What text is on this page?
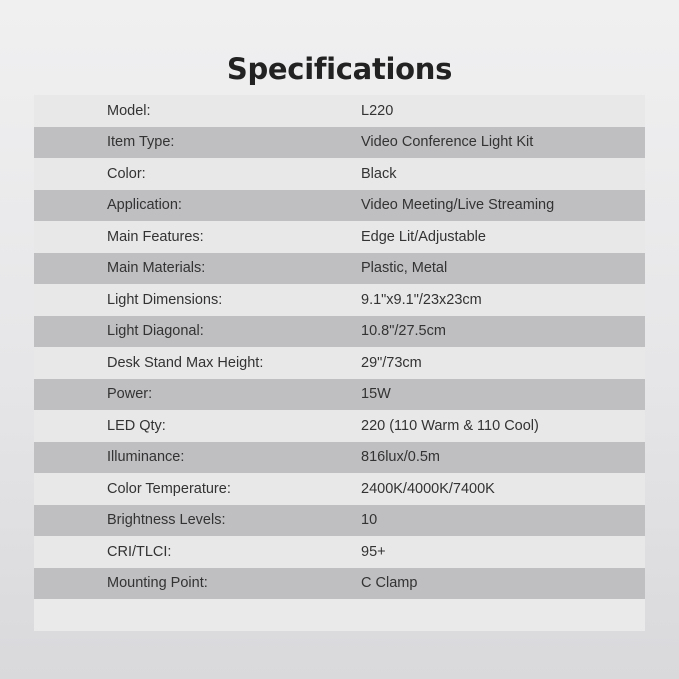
Specifications
Model:	L220
Item Type:	Video Conference Light Kit
Color:	Black
Application:	Video Meeting/Live Streaming
Main Features:	Edge Lit/Adjustable
Main Materials:	Plastic, Metal
Light Dimensions:	9.1"x9.1"/23x23cm
Light Diagonal:	10.8"/27.5cm
Desk Stand Max Height:	29"/73cm
Power:	15W
LED Qty:	220 (110 Warm & 110 Cool)
Illuminance:	816lux/0.5m
Color Temperature:	2400K/4000K/7400K
Brightness Levels:	10
CRI/TLCI:	95+
Mounting Point:	C Clamp
